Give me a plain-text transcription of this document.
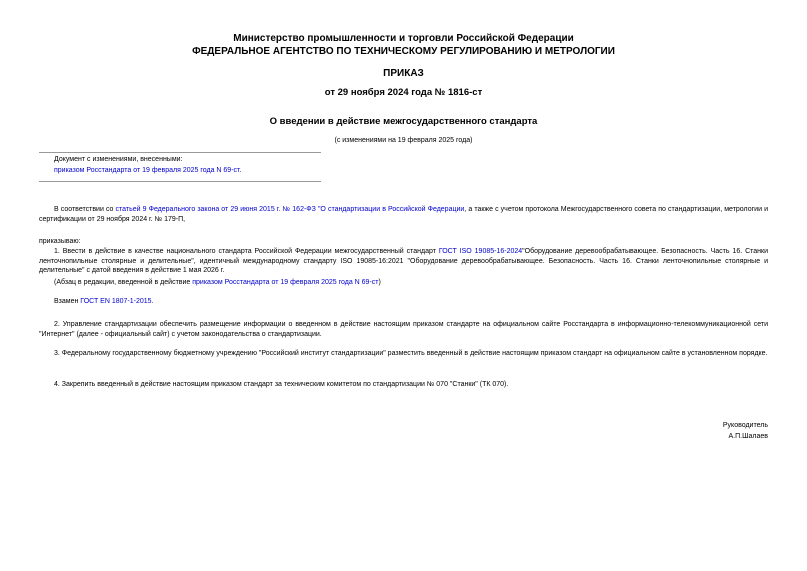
Министерство промышленности и торговли Российской Федерации
ФЕДЕРАЛЬНОЕ АГЕНТСТВО ПО ТЕХНИЧЕСКОМУ РЕГУЛИРОВАНИЮ И МЕТРОЛОГИИ
ПРИКАЗ
от 29 ноября 2024 года № 1816-ст
О введении в действие межгосударственного стандарта
(с изменениями на 19 февраля 2025 года)
Документ с изменениями, внесенными:
приказом Росстандарта от 19 февраля 2025 года N 69-ст.
В соответствии со статьей 9 Федерального закона от 29 июня 2015 г. № 162-ФЗ "О стандартизации в Российской Федерации, а также с учетом протокола Межгосударственного совета по стандартизации, метрологии и сертификации от 29 ноября 2024 г. № 179-П,
приказываю:
1. Ввести в действие в качестве национального стандарта Российской Федерации межгосударственный стандарт ГОСТ ISO 19085-16-2024"Оборудование деревообрабатывающее. Безопасность. Часть 16. Станки ленточнопильные столярные и делительные", идентичный международному стандарту ISO 19085-16:2021 "Оборудование деревообрабатывающее. Безопасность. Часть 16. Станки ленточнопильные столярные и делительные" с датой введения в действие 1 мая 2026 г.
(Абзац в редакции, введенной в действие приказом Росстандарта от 19 февраля 2025 года N 69-ст)
Взамен ГОСТ EN 1807-1-2015.
2. Управление стандартизации обеспечить размещение информации о введенном в действие настоящим приказом стандарте на официальном сайте Росстандарта в информационно-телекоммуникационной сети "Интернет" (далее - официальный сайт) с учетом законодательства о стандартизации.
3. Федеральному государственному бюджетному учреждению "Российский институт стандартизации" разместить введенный в действие настоящим приказом стандарт на официальном сайте в установленном порядке.
4. Закрепить введенный в действие настоящим приказом стандарт за техническим комитетом по стандартизации № 070 "Станки" (ТК 070).
Руководитель
А.П.Шалаев
